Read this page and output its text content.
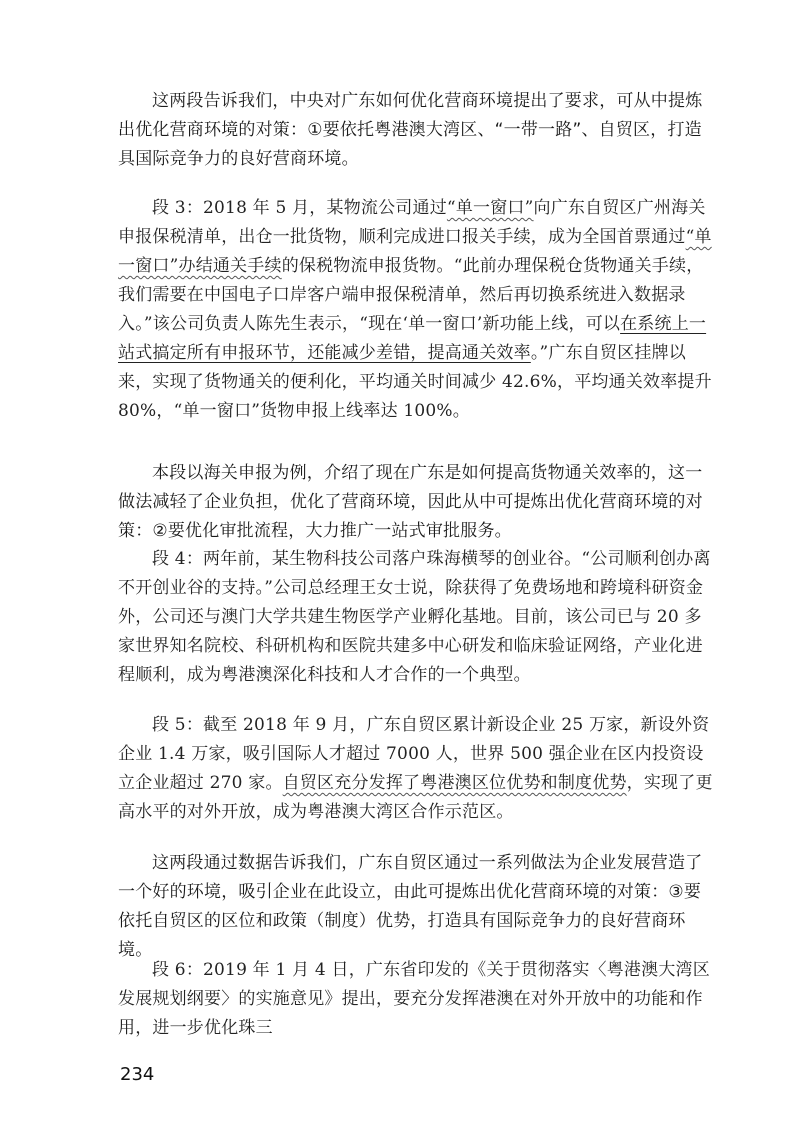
这两段告诉我们，中央对广东如何优化营商环境提出了要求，可从中提炼出优化营商环境的对策：①要依托粤港澳大湾区、“一带一路”、自贸区，打造具国际竞争力的良好营商环境。

段 3：2018 年 5 月，某物流公司通过“单一窗口”向广东自贸区广州海关申报保税清单，出仓一批货物，顺利完成进口报关手续，成为全国首票通过“单一窗口”办结通关手续的保税物流申报货物。“此前办理保税仓货物通关手续，我们需要在中国电子口岸客户端申报保税清单，然后再切换系统进入数据录入。”该公司负责人陈先生表示，“现在‘单一窗口’新功能上线，可以在系统上一站式搞定所有申报环节，还能减少差错，提高通关效率。”广东自贸区挂牌以来，实现了货物通关的便利化，平均通关时间减少 42.6%，平均通关效率提升 80%，“单一窗口”货物申报上线率达 100%。

本段以海关申报为例，介绍了现在广东是如何提高货物通关效率的，这一做法减轻了企业负担，优化了营商环境，因此从中可提炼出优化营商环境的对策：②要优化审批流程，大力推广一站式审批服务。

段 4：两年前，某生物科技公司落户珠海横琴的创业谷。“公司顺利创办离不开创业谷的支持。”公司总经理王女士说，除获得了免费场地和跨境科研资金外，公司还与澳门大学共建生物医学产业孵化基地。目前，该公司已与 20 多家世界知名院校、科研机构和医院共建多中心研发和临床验证网络，产业化进程顺利，成为粤港澳深化科技和人才合作的一个典型。

段 5：截至 2018 年 9 月，广东自贸区累计新设企业 25 万家，新设外资企业 1.4 万家，吸引国际人才超过 7000 人，世界 500 强企业在区内投资设立企业超过 270 家。自贸区充分发挥了粤港澳区位优势和制度优势，实现了更高水平的对外开放，成为粤港澳大湾区合作示范区。

这两段通过数据告诉我们，广东自贸区通过一系列做法为企业发展营造了一个好的环境，吸引企业在此设立，由此可提炼出优化营商环境的对策：③要依托自贸区的区位和政策（制度）优势，打造具有国际竞争力的良好营商环境。

段 6：2019 年 1 月 4 日，广东省印发的《关于贯彻落实〈粤港澳大湾区发展规划纲要〉的实施意见》提出，要充分发挥港澳在对外开放中的功能和作用，进一步优化珠三

234
